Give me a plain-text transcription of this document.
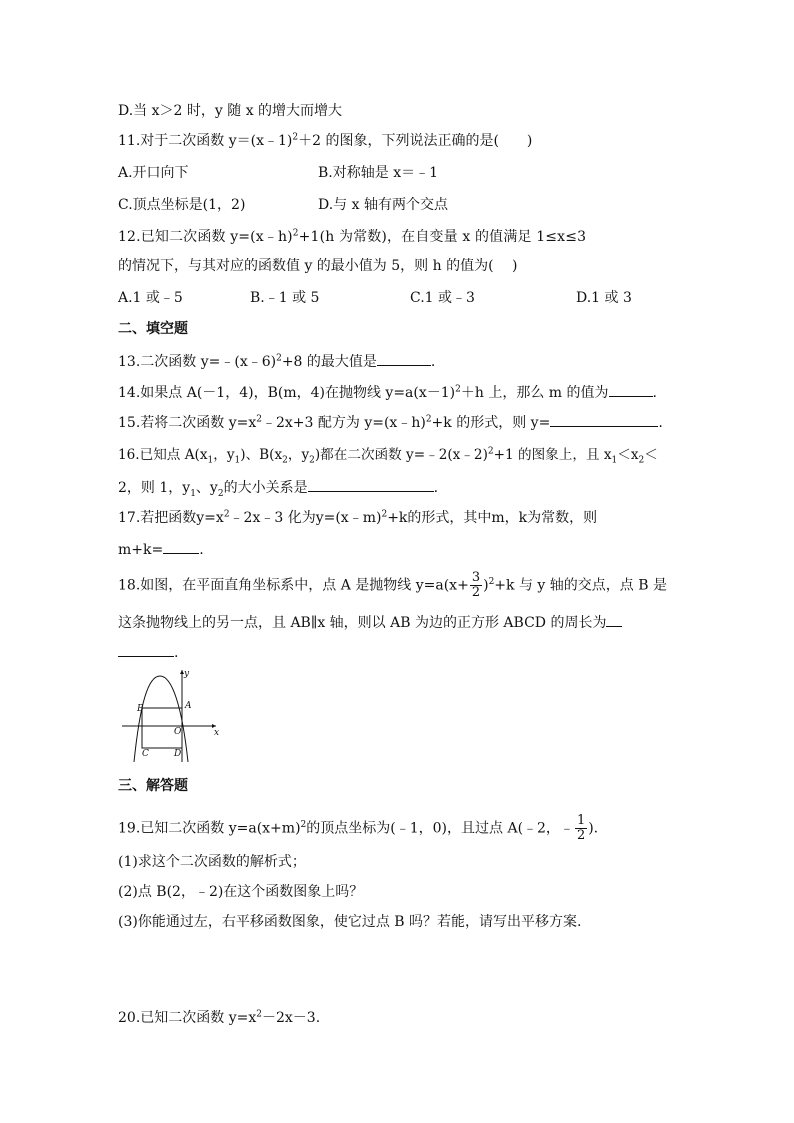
D.当 x＞2 时，y 随 x 的增大而增大
11.对于二次函数 y＝(x﹣1)$^2$＋2 的图象，下列说法正确的是(　　)
A.开口向下	B.对称轴是 x＝﹣1
C.顶点坐标是(1，2)	D.与 x 轴有两个交点
12.已知二次函数 y=(x﹣h)$^2$+1(h 为常数)，在自变量 x 的值满足 1≤x≤3
的情况下，与其对应的函数值 y 的最小值为 5，则 h 的值为(　 )
A.1 或﹣5	B.﹣1 或 5	C.1 或﹣3	D.1 或 3
二、填空题
13.二次函数 y=﹣(x﹣6)$^2$+8 的最大值是	.
14.如果点 A(－1，4)，B(m，4)在抛物线 $y=a(x-1)^2+h$ 上，那么 m 的值为	.
15.若将二次函数 $y=x^2﹣2x+3$ 配方为 y=(x﹣h)$^2$+k 的形式，则 y=	.
16.已知点 $A(x_1$，$y_1$)、$B(x_2$，$y_2$)都在二次函数 y=﹣2(x﹣2)$^2$+1 的图象上，且 $x_1<x_2<$
2，则 1，$y_1$、$y_2$的大小关系是	.
17.若把函数$y=x^2﹣2x﹣3$ 化为y=(x﹣m)$^2$+k的形式，其中m，k为常数，则
m+k=	.
18.如图，在平面直角坐标系中，点 A 是抛物线 $y=a(x+ \frac{3}{2} )^2+k$ 与 y 轴的交点，点 B 是
这条抛物线上的另一点，且 AB∥x 轴，则以 AB 为边的正方形 ABCD 的周长为
.
y
x
O
A
B
C	D
三、解答题
19.已知二次函数 $y=a(x+m)^2$的顶点坐标为(﹣1，0)，且过点 A(﹣2，﹣ $\frac{1}{2}$ ).
(1)求这个二次函数的解析式；
(2)点 B(2，﹣2)在这个函数图象上吗？
(3)你能通过左，右平移函数图象，使它过点 B 吗？若能，请写出平移方案.
20.已知二次函数 $y=x^2-2x-3$.
